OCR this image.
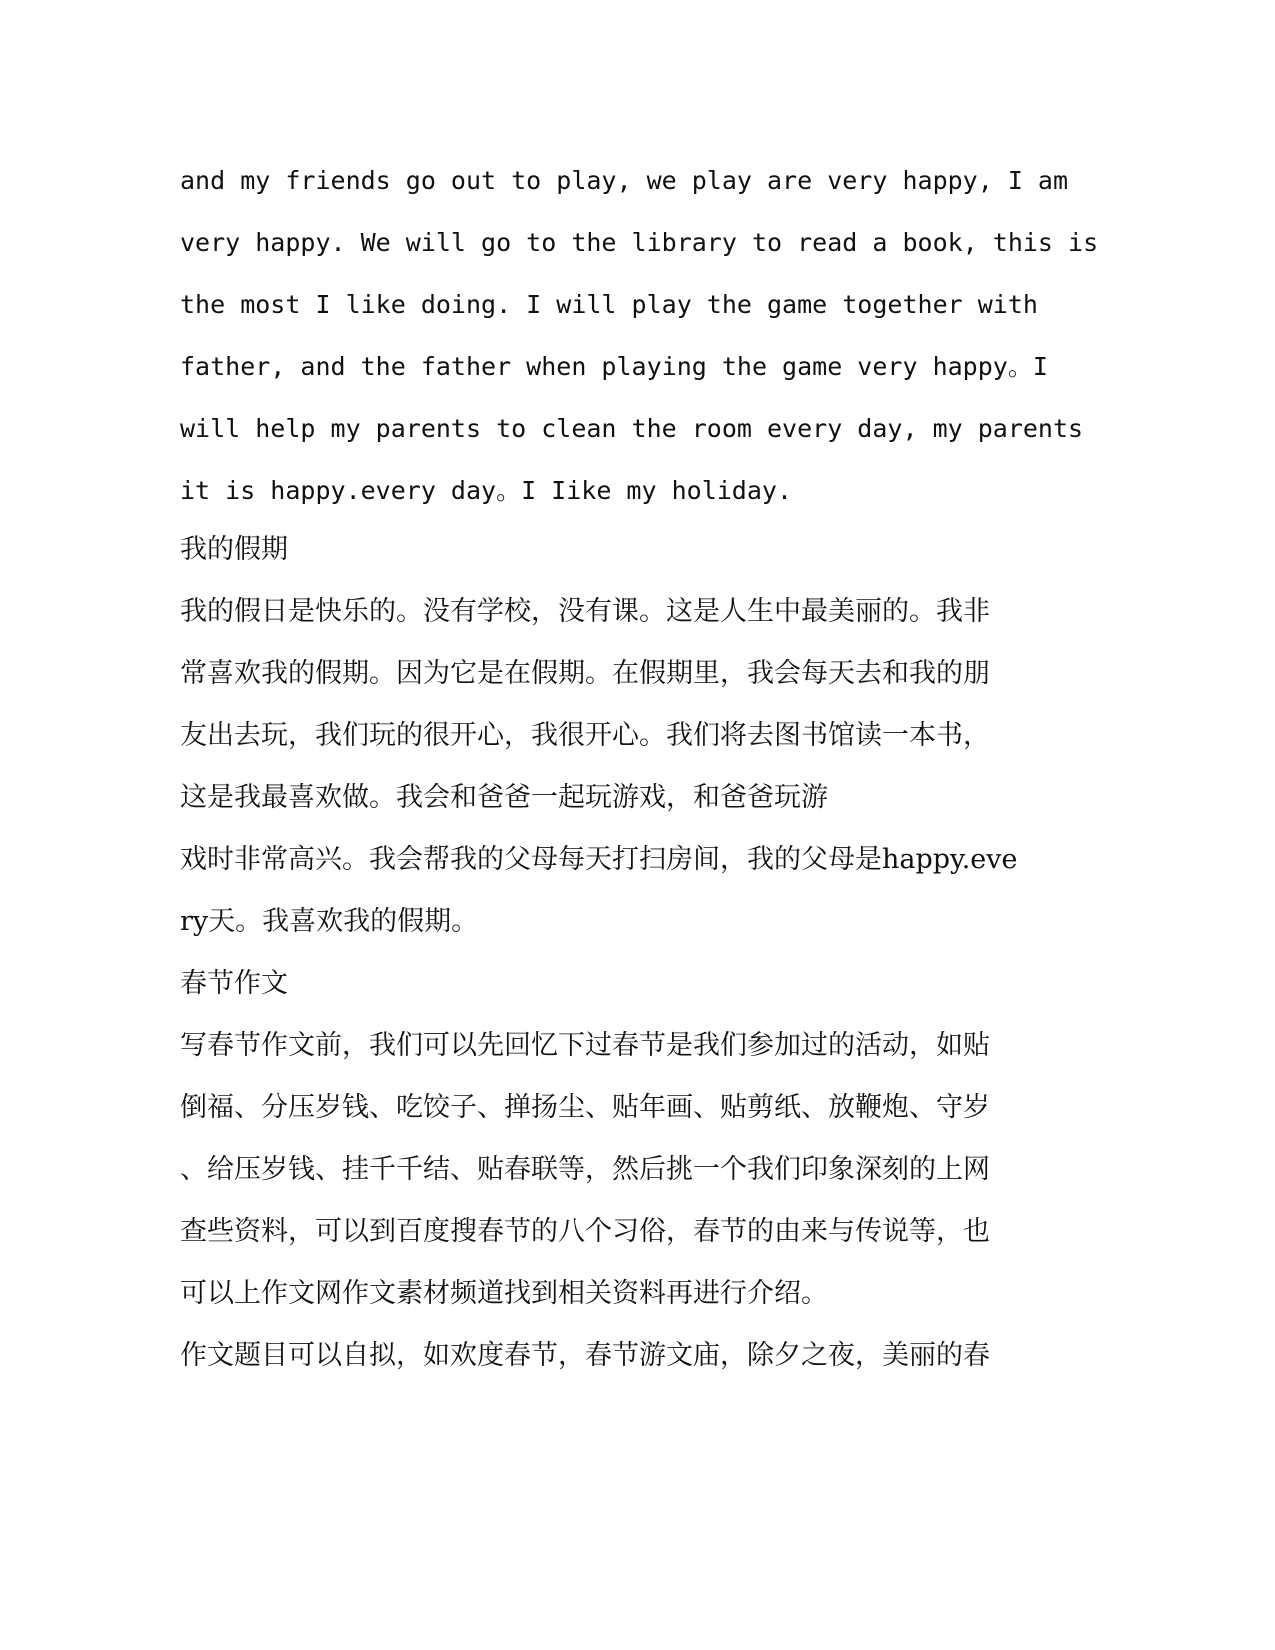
and my friends go out to play, we play are very happy, I am
very happy. We will go to the library to read a book, this is
the most I like doing. I will play the game together with
father, and the father when playing the game very happy。I
will help my parents to clean the room every day, my parents
it is happy.every day。I Iike my holiday.
我的假期
我的假日是快乐的。没有学校，没有课。这是人生中最美丽的。我非
常喜欢我的假期。因为它是在假期。在假期里，我会每天去和我的朋
友出去玩，我们玩的很开心，我很开心。我们将去图书馆读一本书，
这是我最喜欢做。我会和爸爸一起玩游戏，和爸爸玩游
戏时非常高兴。我会帮我的父母每天打扫房间，我的父母是happy.eve
ry天。我喜欢我的假期。
春节作文
写春节作文前，我们可以先回忆下过春节是我们参加过的活动，如贴
倒福、分压岁钱、吃饺子、掸扬尘、贴年画、贴剪纸、放鞭炮、守岁
、给压岁钱、挂千千结、贴春联等，然后挑一个我们印象深刻的上网
查些资料，可以到百度搜春节的八个习俗，春节的由来与传说等，也
可以上作文网作文素材频道找到相关资料再进行介绍。
作文题目可以自拟，如欢度春节，春节游文庙，除夕之夜，美丽的春
